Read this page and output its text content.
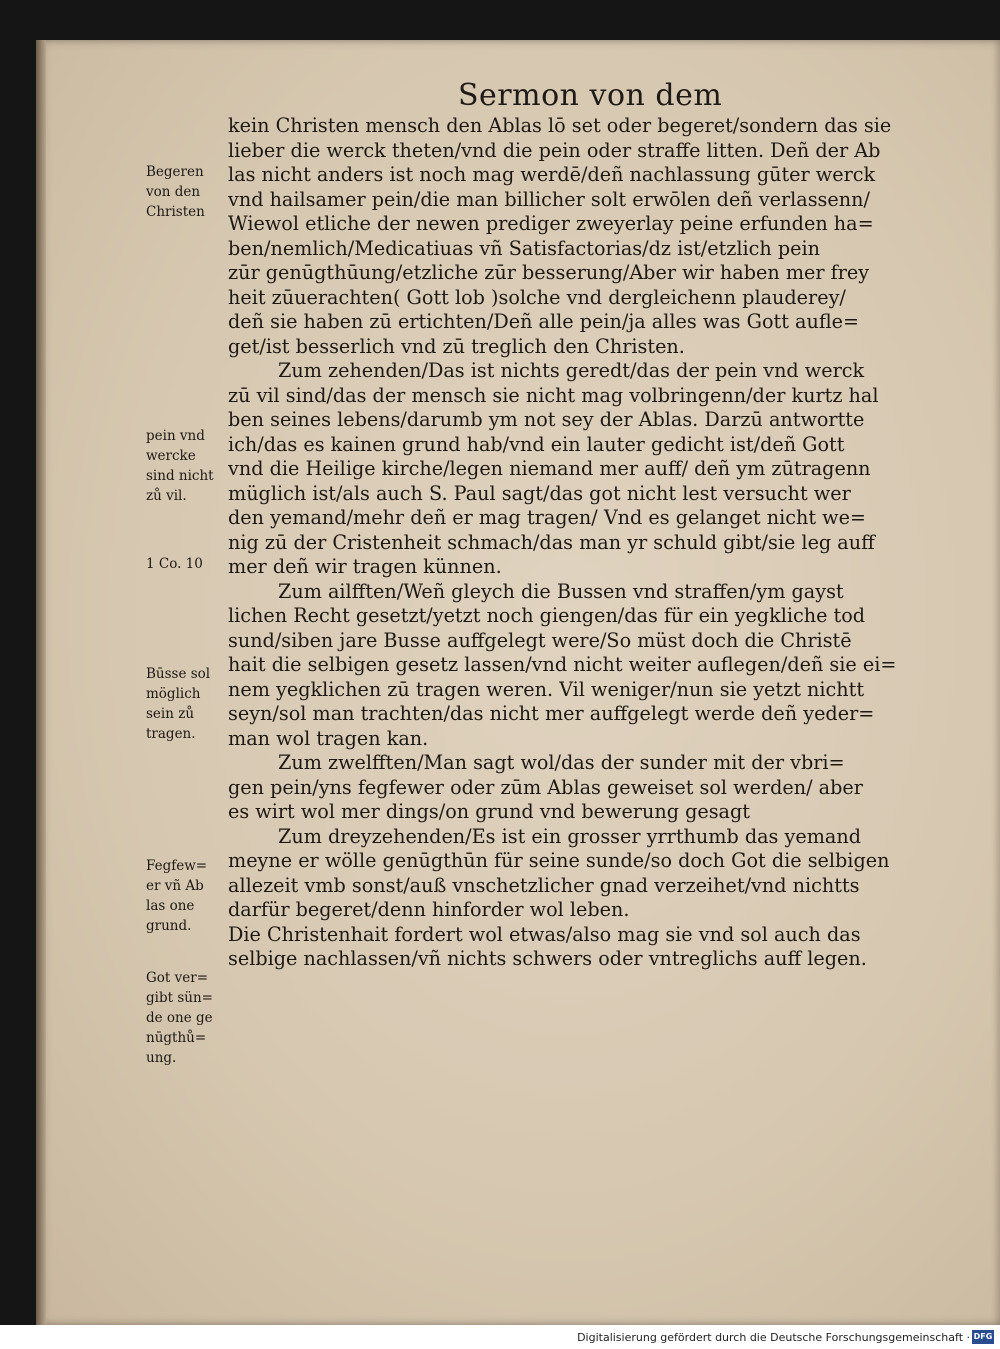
Sermon von dem
Begeren
von den
Christen
pein vnd
wercke
sind nicht
zů vil.
1 Co. 10
Būsse sol
möglich
sein zů
tragen.
Fegfew=
er vñ Ab
las one
grund.
Got ver=
gibt sün=
de one ge
nūgthů=
ung.
kein Christen mensch den Ablas lō set oder begeret/sondern das sie
lieber die werck theten/vnd die pein oder straffe litten. Deñ der Ab
las nicht anders ist noch mag werdē/deñ nachlassung gūter werck
vnd hailsamer pein/die man billicher solt erwōlen deñ verlassenn/
Wiewol etliche der newen prediger zweyerlay peine erfunden ha=
ben/nemlich/Medicatiuas vñ Satisfactorias/dz ist/etzlich pein
zūr genūgthūung/etzliche zūr besserung/Aber wir haben mer frey
heit zūuerachten( Gott lob )solche vnd dergleichenn plauderey/
deñ sie haben zū ertichten/Deñ alle pein/ja alles was Gott aufle=
get/ist besserlich vnd zū treglich den Christen.
Zum zehenden/Das ist nichts geredt/das der pein vnd werck
zū vil sind/das der mensch sie nicht mag volbringenn/der kurtz hal
ben seines lebens/darumb ym not sey der Ablas. Darzū antwortte
ich/das es kainen grund hab/vnd ein lauter gedicht ist/deñ Gott
vnd die Heilige kirche/legen niemand mer auff/ deñ ym zūtragenn
müglich ist/als auch S. Paul sagt/das got nicht lest versucht wer
den yemand/mehr deñ er mag tragen/ Vnd es gelanget nicht we=
nig zū der Cristenheit schmach/das man yr schuld gibt/sie leg auff
mer deñ wir tragen künnen.
Zum ailfften/Weñ gleych die Bussen vnd straffen/ym gayst
lichen Recht gesetzt/yetzt noch giengen/das für ein yegkliche tod
sund/siben jare Busse auffgelegt were/So müst doch die Christē
hait die selbigen gesetz lassen/vnd nicht weiter auflegen/deñ sie ei=
nem yegklichen zū tragen weren. Vil weniger/nun sie yetzt nichtt
seyn/sol man trachten/das nicht mer auffgelegt werde deñ yeder=
man wol tragen kan.
Zum zwelfften/Man sagt wol/das der sunder mit der vbri=
gen pein/yns fegfewer oder zūm Ablas geweiset sol werden/ aber
es wirt wol mer dings/on grund vnd bewerung gesagt
Zum dreyzehenden/Es ist ein grosser yrrthumb das yemand
meyne er wölle genūgthūn für seine sunde/so doch Got die selbigen
allezeit vmb sonst/auß vnschetzlicher gnad verzeihet/vnd nichtts
darfür begeret/denn hinforder wol leben.
Die Christenhait fordert wol etwas/also mag sie vnd sol auch das
selbige nachlassen/vñ nichts schwers oder vntreglichs auff legen.
Digitalisierung gefördert durch die Deutsche Forschungsgemeinschaft · DFG
